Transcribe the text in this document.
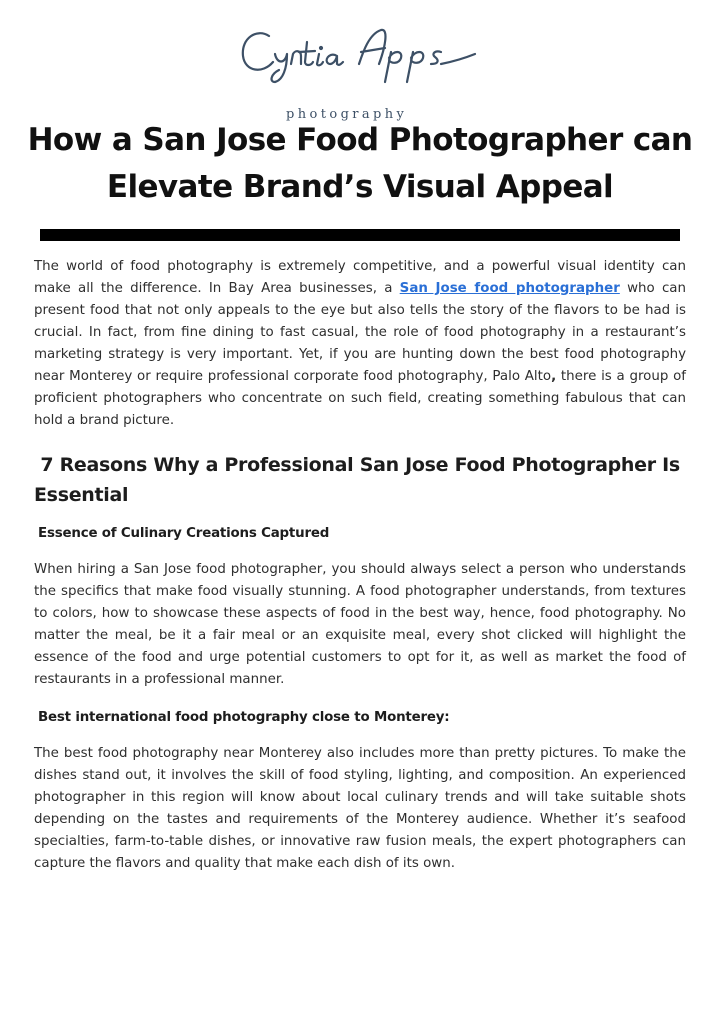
photography
How a San Jose Food Photographer can Elevate Brand’s Visual Appeal

The world of food photography is extremely competitive, and a powerful visual identity can make all the difference. In Bay Area businesses, a San Jose food photographer who can present food that not only appeals to the eye but also tells the story of the flavors to be had is crucial. In fact, from fine dining to fast casual, the role of food photography in a restaurant’s marketing strategy is very important. Yet, if you are hunting down the best food photography near Monterey or require professional corporate food photography, Palo Alto, there is a group of proficient photographers who concentrate on such field, creating something fabulous that can hold a brand picture.

7 Reasons Why a Professional San Jose Food Photographer Is Essential
Essence of Culinary Creations Captured

When hiring a San Jose food photographer, you should always select a person who understands the specifics that make food visually stunning. A food photographer understands, from textures to colors, how to showcase these aspects of food in the best way, hence, food photography. No matter the meal, be it a fair meal or an exquisite meal, every shot clicked will highlight the essence of the food and urge potential customers to opt for it, as well as market the food of restaurants in a professional manner.

Best international food photography close to Monterey:

The best food photography near Monterey also includes more than pretty pictures. To make the dishes stand out, it involves the skill of food styling, lighting, and composition. An experienced photographer in this region will know about local culinary trends and will take suitable shots depending on the tastes and requirements of the Monterey audience. Whether it’s seafood specialties, farm-to-table dishes, or innovative raw fusion meals, the expert photographers can capture the flavors and quality that make each dish of its own.
